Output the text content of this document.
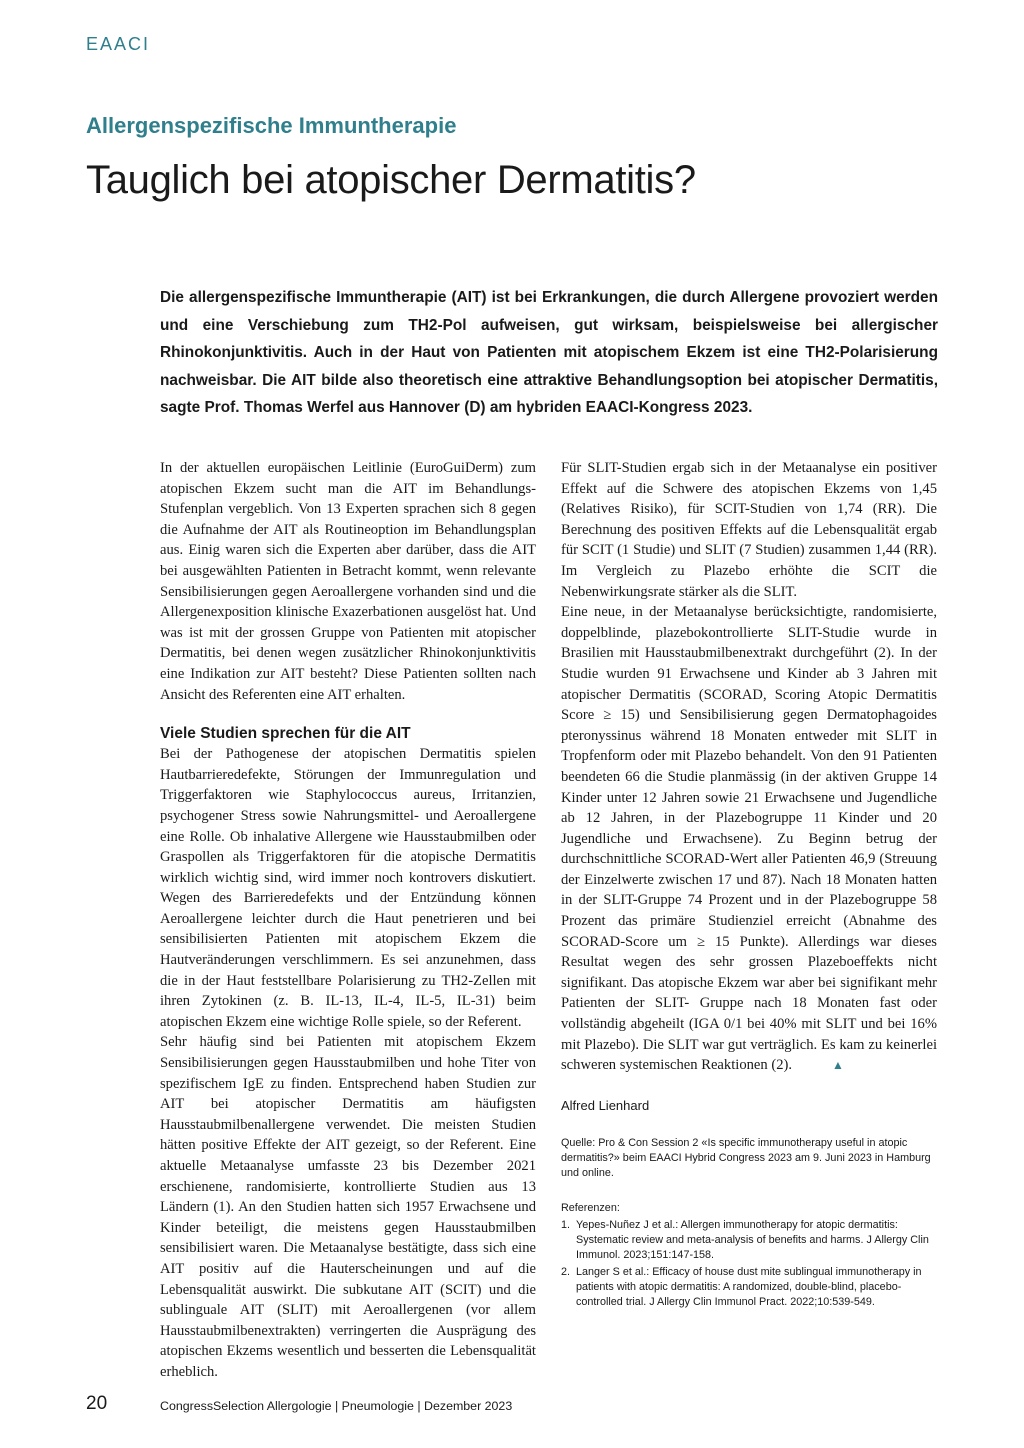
EAACI
Allergenspezifische Immuntherapie
Tauglich bei atopischer Dermatitis?

Die allergenspezifische Immuntherapie (AIT) ist bei Erkrankungen, die durch Allergene provoziert werden und eine Verschiebung zum TH2-Pol aufweisen, gut wirksam, beispielsweise bei allergischer Rhinokonjunktivitis. Auch in der Haut von Patienten mit atopischem Ekzem ist eine TH2-Polarisierung nachweisbar. Die AIT bilde also theoretisch eine attraktive Behandlungsoption bei atopischer Dermatitis, sagte Prof. Thomas Werfel aus Hannover (D) am hybriden EAACI-Kongress 2023.

In der aktuellen europäischen Leitlinie (EuroGuiDerm) zum atopischen Ekzem sucht man die AIT im Behandlungs-Stufenplan vergeblich. Von 13 Experten sprachen sich 8 gegen die Aufnahme der AIT als Routineoption im Behandlungsplan aus. Einig waren sich die Experten aber darüber, dass die AIT bei ausgewählten Patienten in Betracht kommt, wenn relevante Sensibilisierungen gegen Aeroallergene vorhanden sind und die Allergenexposition klinische Exazerbationen ausgelöst hat. Und was ist mit der grossen Gruppe von Patienten mit atopischer Dermatitis, bei denen wegen zusätzlicher Rhinokonjunktivitis eine Indikation zur AIT besteht? Diese Patienten sollten nach Ansicht des Referenten eine AIT erhalten.

Viele Studien sprechen für die AIT

Bei der Pathogenese der atopischen Dermatitis spielen Hautbarrieredefekte, Störungen der Immunregulation und Triggerfaktoren wie Staphylococcus aureus, Irritanzien, psychogener Stress sowie Nahrungsmittel- und Aeroallergene eine Rolle. Ob inhalative Allergene wie Hausstaubmilben oder Graspollen als Triggerfaktoren für die atopische Dermatitis wirklich wichtig sind, wird immer noch kontrovers diskutiert. Wegen des Barrieredefekts und der Entzündung können Aeroallergene leichter durch die Haut penetrieren und bei sensibilisierten Patienten mit atopischem Ekzem die Hautveränderungen verschlimmern. Es sei anzunehmen, dass die in der Haut feststellbare Polarisierung zu TH2-Zellen mit ihren Zytokinen (z. B. IL-13, IL-4, IL-5, IL-31) beim atopischen Ekzem eine wichtige Rolle spiele, so der Referent.

Sehr häufig sind bei Patienten mit atopischem Ekzem Sensibilisierungen gegen Hausstaubmilben und hohe Titer von spezifischem IgE zu finden. Entsprechend haben Studien zur AIT bei atopischer Dermatitis am häufigsten Hausstaubmilbenallergene verwendet. Die meisten Studien hätten positive Effekte der AIT gezeigt, so der Referent. Eine aktuelle Metaanalyse umfasste 23 bis Dezember 2021 erschienene, randomisierte, kontrollierte Studien aus 13 Ländern (1). An den Studien hatten sich 1957 Erwachsene und Kinder beteiligt, die meistens gegen Hausstaubmilben sensibilisiert waren. Die Metaanalyse bestätigte, dass sich eine AIT positiv auf die Hauterscheinungen und auf die Lebensqualität auswirkt. Die subkutane AIT (SCIT) und die sublinguale AIT (SLIT) mit Aeroallergenen (vor allem Hausstaubmilbenextrakten) verringerten die Ausprägung des atopischen Ekzems wesentlich und besserten die Lebensqualität erheblich.

Für SLIT-Studien ergab sich in der Metaanalyse ein positiver Effekt auf die Schwere des atopischen Ekzems von 1,45 (Relatives Risiko), für SCIT-Studien von 1,74 (RR). Die Berechnung des positiven Effekts auf die Lebensqualität ergab für SCIT (1 Studie) und SLIT (7 Studien) zusammen 1,44 (RR). Im Vergleich zu Plazebo erhöhte die SCIT die Nebenwirkungsrate stärker als die SLIT.

Eine neue, in der Metaanalyse berücksichtigte, randomisierte, doppelblinde, plazebokontrollierte SLIT-Studie wurde in Brasilien mit Hausstaubmilbenextrakt durchgeführt (2). In der Studie wurden 91 Erwachsene und Kinder ab 3 Jahren mit atopischer Dermatitis (SCORAD, Scoring Atopic Dermatitis Score ≥ 15) und Sensibilisierung gegen Dermatophagoides pteronyssinus während 18 Monaten entweder mit SLIT in Tropfenform oder mit Plazebo behandelt. Von den 91 Patienten beendeten 66 die Studie planmässig (in der aktiven Gruppe 14 Kinder unter 12 Jahren sowie 21 Erwachsene und Jugendliche ab 12 Jahren, in der Plazebogruppe 11 Kinder und 20 Jugendliche und Erwachsene). Zu Beginn betrug der durchschnittliche SCORAD-Wert aller Patienten 46,9 (Streuung der Einzelwerte zwischen 17 und 87). Nach 18 Monaten hatten in der SLIT-Gruppe 74 Prozent und in der Plazebogruppe 58 Prozent das primäre Studienziel erreicht (Abnahme des SCORAD-Score um ≥ 15 Punkte). Allerdings war dieses Resultat wegen des sehr grossen Plazeboeffekts nicht signifikant. Das atopische Ekzem war aber bei signifikant mehr Patienten der SLIT- Gruppe nach 18 Monaten fast oder vollständig abgeheilt (IGA 0/1 bei 40% mit SLIT und bei 16% mit Plazebo). Die SLIT war gut verträglich. Es kam zu keinerlei schweren systemischen Reaktionen (2).	▲

Alfred Lienhard

Quelle: Pro & Con Session 2 «Is specific immunotherapy useful in atopic dermatitis?» beim EAACI Hybrid Congress 2023 am 9. Juni 2023 in Hamburg und online.

Referenzen:

1. Yepes-Nuñez J et al.: Allergen immunotherapy for atopic dermatitis: Systematic review and meta-analysis of benefits and harms. J Allergy Clin Immunol. 2023;151:147-158.
2. Langer S et al.: Efficacy of house dust mite sublingual immunotherapy in patients with atopic dermatitis: A randomized, double-blind, placebo-controlled trial. J Allergy Clin Immunol Pract. 2022;10:539-549.
20	CongressSelection Allergologie | Pneumologie | Dezember 2023
